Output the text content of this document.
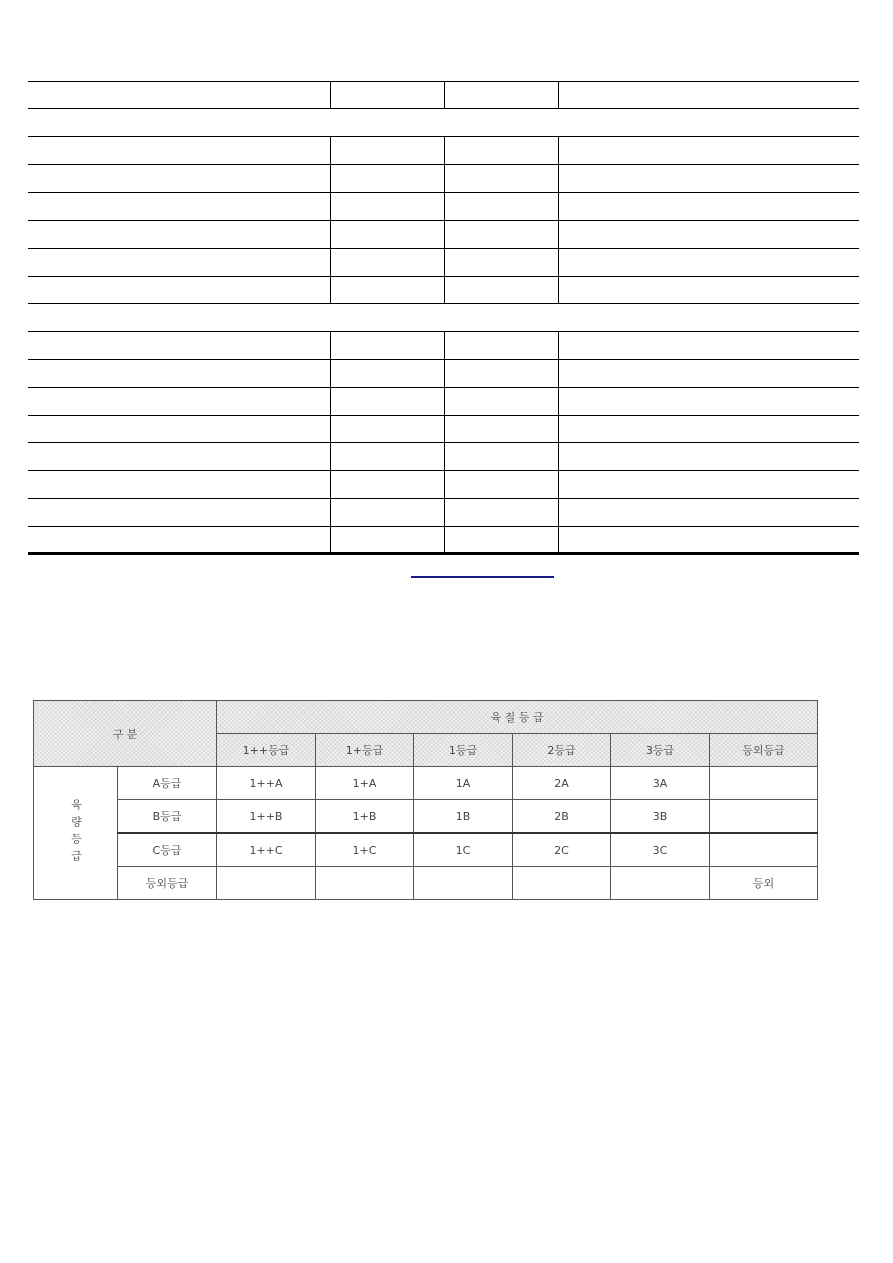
구 분		육 질 등 급					
		1++등급	1+등급	1등급	2등급	3등급	등외등급
육량등급	A등급	1++A	1+A	1A	2A	3A	
	B등급	1++B	1+B	1B	2B	3B	
	C등급	1++C	1+C	1C	2C	3C	
	등외등급						등외
